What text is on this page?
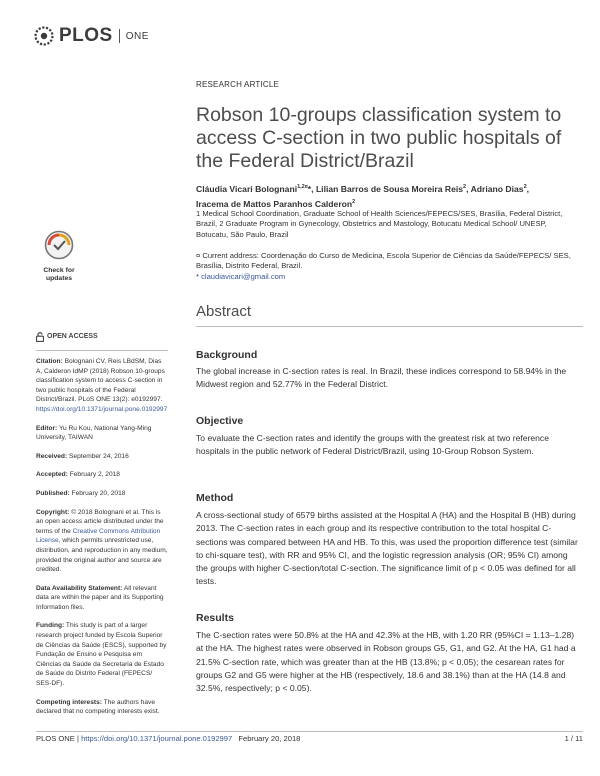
PLOS ONE
RESEARCH ARTICLE
Robson 10-groups classification system to access C-section in two public hospitals of the Federal District/Brazil
Cláudia Vicari Bolognani$^{1,2¤}$*, Lilian Barros de Sousa Moreira Reis$^2$, Adriano Dias$^2$,
Iracema de Mattos Paranhos Calderon$^2$
1 Medical School Coordination, Graduate School of Health Sciences/FEPECS/SES, Brasília, Federal District, Brazil, 2 Graduate Program in Gynecology, Obstetrics and Mastology, Botucatu Medical School/ UNESP, Botucatu, São Paulo, Brazil
¤ Current address: Coordenação do Curso de Medicina, Escola Superior de Ciências da Saúde/FEPECS/ SES, Brasília, Distrito Federal, Brazil.
* claudiavicari@gmail.com
Check for
updates
Abstract
Background
The global increase in C-section rates is real. In Brazil, these indices correspond to 58.94% in the Midwest region and 52.77% in the Federal District.
Objective
To evaluate the C-section rates and identify the groups with the greatest risk at two reference hospitals in the public network of Federal District/Brazil, using 10-Group Robson System.
Method
A cross-sectional study of 6579 births assisted at the Hospital A (HA) and the Hospital B (HB) during 2013. The C-section rates in each group and its respective contribution to the total hospital C-sections was compared between HA and HB. To this, was used the proportion difference test (similar to chi-square test), with RR and 95% CI, and the logistic regression analysis (OR; 95% CI) among the groups with higher C-section/total C-section. The significance limit of p < 0.05 was defined for all tests.
Results
The C-section rates were 50.8% at the HA and 42.3% at the HB, with 1.20 RR (95%CI = 1.13–1.28) at the HA. The highest rates were observed in Robson groups G5, G1, and G2. At the HA, G1 had a 21.5% C-section rate, which was greater than at the HB (13.8%; p < 0.05); the cesarean rates for groups G2 and G5 were higher at the HB (respectively, 18.6 and 38.1%) than at the HA (14.8 and 32.5%, respectively; p < 0.05).
OPEN ACCESS

Citation: Bolognani CV, Reis LBdSM, Dias A, Calderon IdMP (2018) Robson 10-groups classification system to access C-section in two public hospitals of the Federal District/Brazil. PLoS ONE 13(2): e0192997. https://doi.org/10.1371/journal.pone.0192997

Editor: Yu Ru Kou, National Yang-Ming University, TAIWAN

Received: September 24, 2016

Accepted: February 2, 2018

Published: February 20, 2018

Copyright: © 2018 Bolognani et al. This is an open access article distributed under the terms of the Creative Commons Attribution License, which permits unrestricted use, distribution, and reproduction in any medium, provided the original author and source are credited.

Data Availability Statement: All relevant data are within the paper and its Supporting Information files.

Funding: This study is part of a larger research project funded by Escola Superior de Ciências da Saúde (ESCS), supported by Fundação de Ensino e Pesquisa em Ciências da Saúde da Secretaria de Estado de Saúde do Distrito Federal (FEPECS/ SES-DF).

Competing interests: The authors have declared that no competing interests exist.

PLOS ONE | https://doi.org/10.1371/journal.pone.0192997 February 20, 2018	1 / 11
